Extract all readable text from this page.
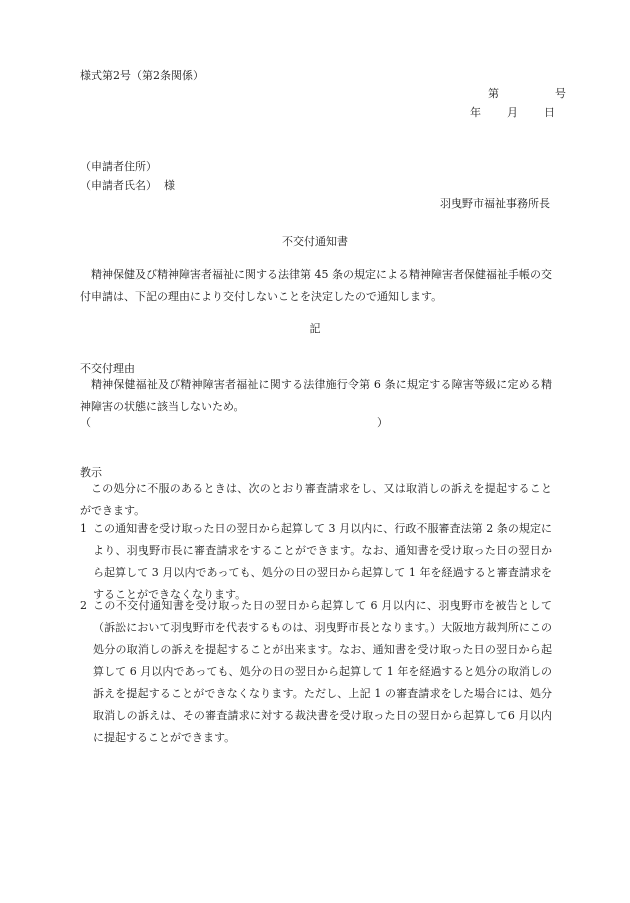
様式第2号（第2条関係）
第	号
年 月 日
（申請者住所）
（申請者氏名） 様
羽曳野市福祉事務所長
不交付通知書
精神保健及び精神障害者福祉に関する法律第 45 条の規定による精神障害者保健福祉手帳の交付申請は、下記の理由により交付しないことを決定したので通知します。
記
不交付理由
精神保健福祉及び精神障害者福祉に関する法律施行令第 6 条に規定する障害等級に定める精神障害の状態に該当しないため。
（	）
教示
この処分に不服のあるときは、次のとおり審査請求をし、又は取消しの訴えを提起することができます。
1 この通知書を受け取った日の翌日から起算して 3 月以内に、行政不服審査法第 2 条の規定により、羽曳野市長に審査請求をすることができます。なお、通知書を受け取った日の翌日から起算して 3 月以内であっても、処分の日の翌日から起算して 1 年を経過すると審査請求をすることができなくなります。
2 この不交付通知書を受け取った日の翌日から起算して 6 月以内に、羽曳野市を被告として（訴訟において羽曳野市を代表するものは、羽曳野市長となります。）大阪地方裁判所にこの処分の取消しの訴えを提起することが出来ます。なお、通知書を受け取った日の翌日から起算して 6 月以内であっても、処分の日の翌日から起算して 1 年を経過すると処分の取消しの訴えを提起することができなくなります。ただし、上記 1 の審査請求をした場合には、処分取消しの訴えは、その審査請求に対する裁決書を受け取った日の翌日から起算して6 月以内に提起することができます。
